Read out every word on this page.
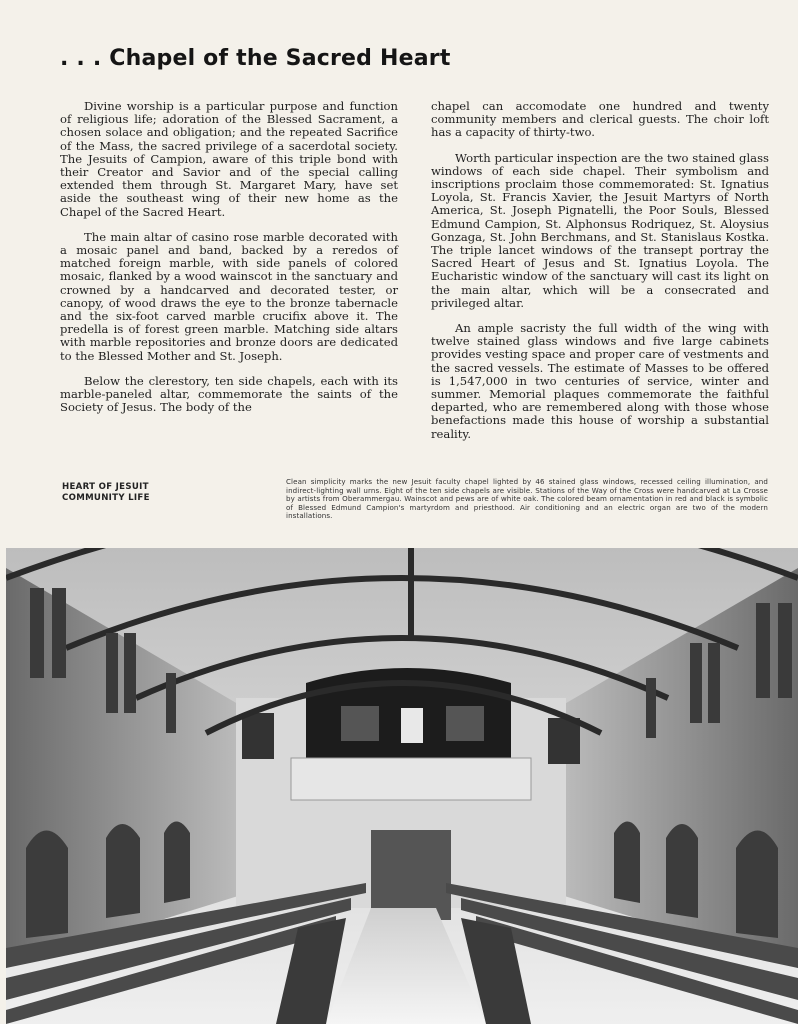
. . . Chapel of the Sacred Heart

Divine worship is a particular purpose and function of religious life; adoration of the Blessed Sacrament, a chosen solace and obligation; and the repeated Sacrifice of the Mass, the sacred privilege of a sacerdotal society. The Jesuits of Campion, aware of this triple bond with their Creator and Savior and of the special calling extended them through St. Margaret Mary, have set aside the southeast wing of their new home as the Chapel of the Sacred Heart.

The main altar of casino rose marble decorated with a mosaic panel and band, backed by a reredos of matched foreign marble, with side panels of colored mosaic, flanked by a wood wainscot in the sanctuary and crowned by a handcarved and decorated tester, or canopy, of wood draws the eye to the bronze tabernacle and the six-foot carved marble crucifix above it. The predella is of forest green marble. Matching side altars with marble repositories and bronze doors are dedicated to the Blessed Mother and St. Joseph.

Below the clerestory, ten side chapels, each with its marble-paneled altar, commemorate the saints of the Society of Jesus. The body of the

chapel can accomodate one hundred and twenty community members and clerical guests. The choir loft has a capacity of thirty-two.

Worth particular inspection are the two stained glass windows of each side chapel. Their symbolism and inscriptions proclaim those commemorated: St. Ignatius Loyola, St. Francis Xavier, the Jesuit Martyrs of North America, St. Joseph Pignatelli, the Poor Souls, Blessed Edmund Campion, St. Alphonsus Rodriquez, St. Aloysius Gonzaga, St. John Berchmans, and St. Stanislaus Kostka. The triple lancet windows of the transept portray the Sacred Heart of Jesus and St. Ignatius Loyola. The Eucharistic window of the sanctuary will cast its light on the main altar, which will be a consecrated and privileged altar.

An ample sacristy the full width of the wing with twelve stained glass windows and five large cabinets provides vesting space and proper care of vestments and the sacred vessels. The estimate of Masses to be offered is 1,547,000 in two centuries of service, winter and summer. Memorial plaques commemorate the faithful departed, who are remembered along with those whose benefactions made this house of worship a substantial reality.

HEART OF JESUIT
COMMUNITY LIFE
Clean simplicity marks the new Jesuit faculty chapel lighted by 46 stained glass windows, recessed ceiling illumination, and indirect-lighting wall urns. Eight of the ten side chapels are visible. Stations of the Way of the Cross were handcarved at La Crosse by artists from Oberammergau. Wainscot and pews are of white oak. The colored beam ornamentation in red and black is symbolic of Blessed Edmund Campion's martyrdom and priesthood. Air conditioning and an electric organ are two of the modern installations.
